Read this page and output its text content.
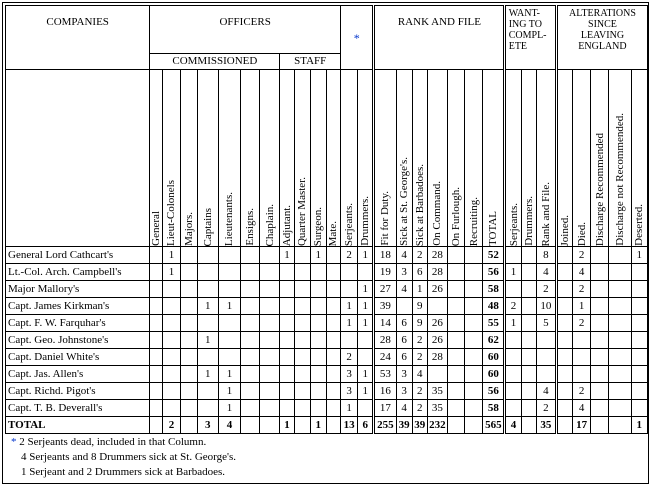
COMPANIES	OFFICERS											*		RANK AND FILE							WANT-ING TO COMPL-ETE			ALTERATIONS SINCE LEAVING ENGLAND				

	COMMISSIONED							STAFF																				

	General	Lieut-Colonels	Majors.	Captains	Lieutenants.	Ensigns.	Chaplain.	Adjutant.	Quarter Master.	Surgeon.	Mate.	Serjeants.	Drummers.	Fit for Duty.	Sick at St. George's.	Sick at Barbadoes.	On Command.	On Furlough.	Recruiting.	TOTAL	Serjeants.	Drummers.	Rank and File.	Joined.	Died.	Discharge Recommended	Discharge not Recommended.	Deserted.

General Lord Cathcart's		1						1		1		2	1	18	4	2	28			52			8		2			1
Lt.-Col. Arch. Campbell's		1												19	3	6	28			56	1		4		4			
Major Mallory's													1	27	4	1	26			58			2		2			
Capt. James Kirkman's				1	1							1	1	39		9				48	2		10		1			
Capt. F. W. Farquhar's												1	1	14	6	9	26			55	1		5		2			
Capt. Geo. Johnstone's				1										28	6	2	26			62								
Capt. Daniel White's												2		24	6	2	28			60								
Capt. Jas. Allen's				1	1							3	1	53	3	4				60								
Capt. Richd. Pigot's					1							3	1	16	3	2	35			56			4		2			
Capt. T. B. Deverall's					1							1		17	4	2	35			58			2		4			
TOTAL		2		3	4			1		1		13	6	255	39	39	232			565	4		35		17			1
* 2 Serjeants dead, included in that Column.
4 Serjeants and 8 Drummers sick at St. George's.
1 Serjeant and 2 Drummers sick at Barbadoes.
